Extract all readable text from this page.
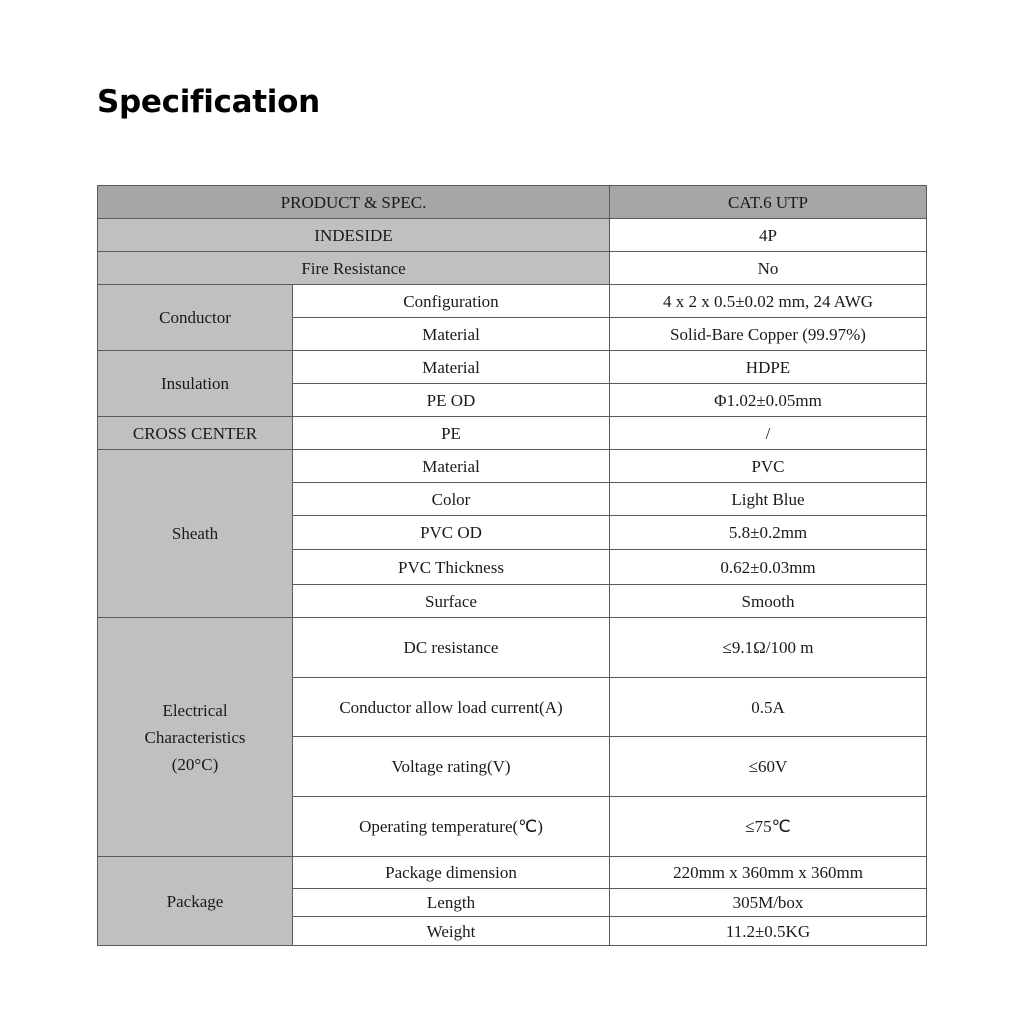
Specification
PRODUCT & SPEC.		CAT.6 UTP
INDESIDE		4P
Fire Resistance		No
Conductor	Configuration	4 x 2 x 0.5±0.02 mm, 24 AWG
	Material	Solid-Bare Copper (99.97%)
Insulation	Material	HDPE
	PE OD	Φ1.02±0.05mm
CROSS CENTER	PE	/
Sheath	Material	PVC
	Color	Light Blue
	PVC OD	5.8±0.2mm
	PVC Thickness	0.62±0.03mm
	Surface	Smooth

Electrical
Characteristics
(20°C)	DC resistance	≤9.1Ω/100 m
	Conductor allow load current(A)	0.5A
	Voltage rating(V)	≤60V
	Operating temperature(℃)	≤75℃
Package	Package dimension	220mm x 360mm x 360mm
	Length	305M/box
	Weight	11.2±0.5KG
